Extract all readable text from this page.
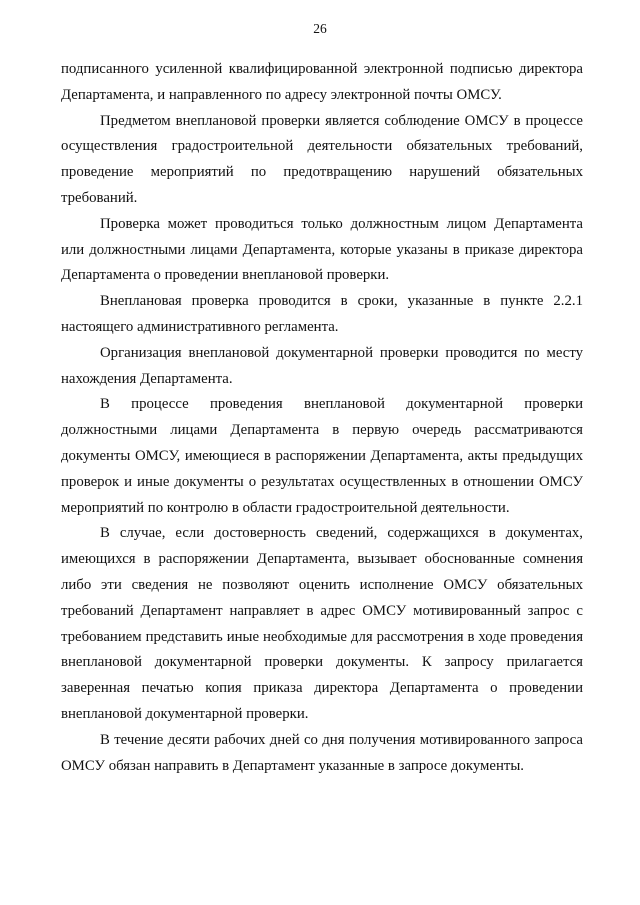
26

подписанного усиленной квалифицированной электронной подписью директора Департамента, и направленного по адресу электронной почты ОМСУ.

Предметом внеплановой проверки является соблюдение ОМСУ в процессе осуществления градостроительной деятельности обязательных требований, проведение мероприятий по предотвращению нарушений обязательных требований.

Проверка может проводиться только должностным лицом Департамента или должностными лицами Департамента, которые указаны в приказе директора Департамента о проведении внеплановой проверки.

Внеплановая проверка проводится в сроки, указанные в пункте 2.2.1 настоящего административного регламента.

Организация внеплановой документарной проверки проводится по месту нахождения Департамента.

В процессе проведения внеплановой документарной проверки должностными лицами Департамента в первую очередь рассматриваются документы ОМСУ, имеющиеся в распоряжении Департамента, акты предыдущих проверок и иные документы о результатах осуществленных в отношении ОМСУ мероприятий по контролю в области градостроительной деятельности.

В случае, если достоверность сведений, содержащихся в документах, имеющихся в распоряжении Департамента, вызывает обоснованные сомнения либо эти сведения не позволяют оценить исполнение ОМСУ обязательных требований Департамент направляет в адрес ОМСУ мотивированный запрос с требованием представить иные необходимые для рассмотрения в ходе проведения внеплановой документарной проверки документы. К запросу прилагается заверенная печатью копия приказа директора Департамента о проведении внеплановой документарной проверки.

В течение десяти рабочих дней со дня получения мотивированного запроса ОМСУ обязан направить в Департамент указанные в запросе документы.
